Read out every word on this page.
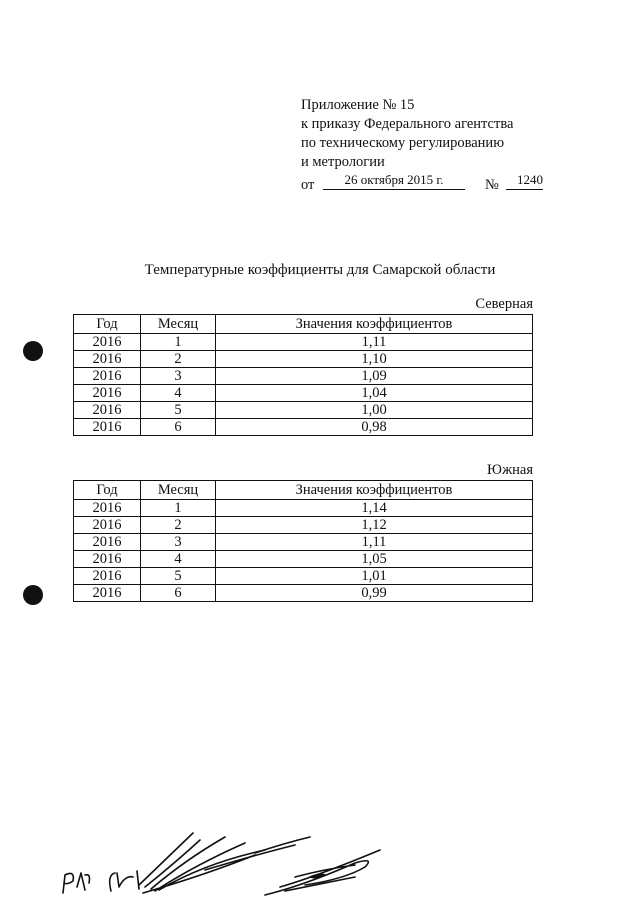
Приложение № 15
к приказу Федерального агентства
по техническому регулированию
и метрологии
от	26 октября 2015 г.	№	1240
Температурные коэффициенты для Самарской области
Северная
Год	Месяц	Значения коэффициентов
2016	1	1,11
2016	2	1,10
2016	3	1,09
2016	4	1,04
2016	5	1,00
2016	6	0,98
Южная
Год	Месяц	Значения коэффициентов
2016	1	1,14
2016	2	1,12
2016	3	1,11
2016	4	1,05
2016	5	1,01
2016	6	0,99
